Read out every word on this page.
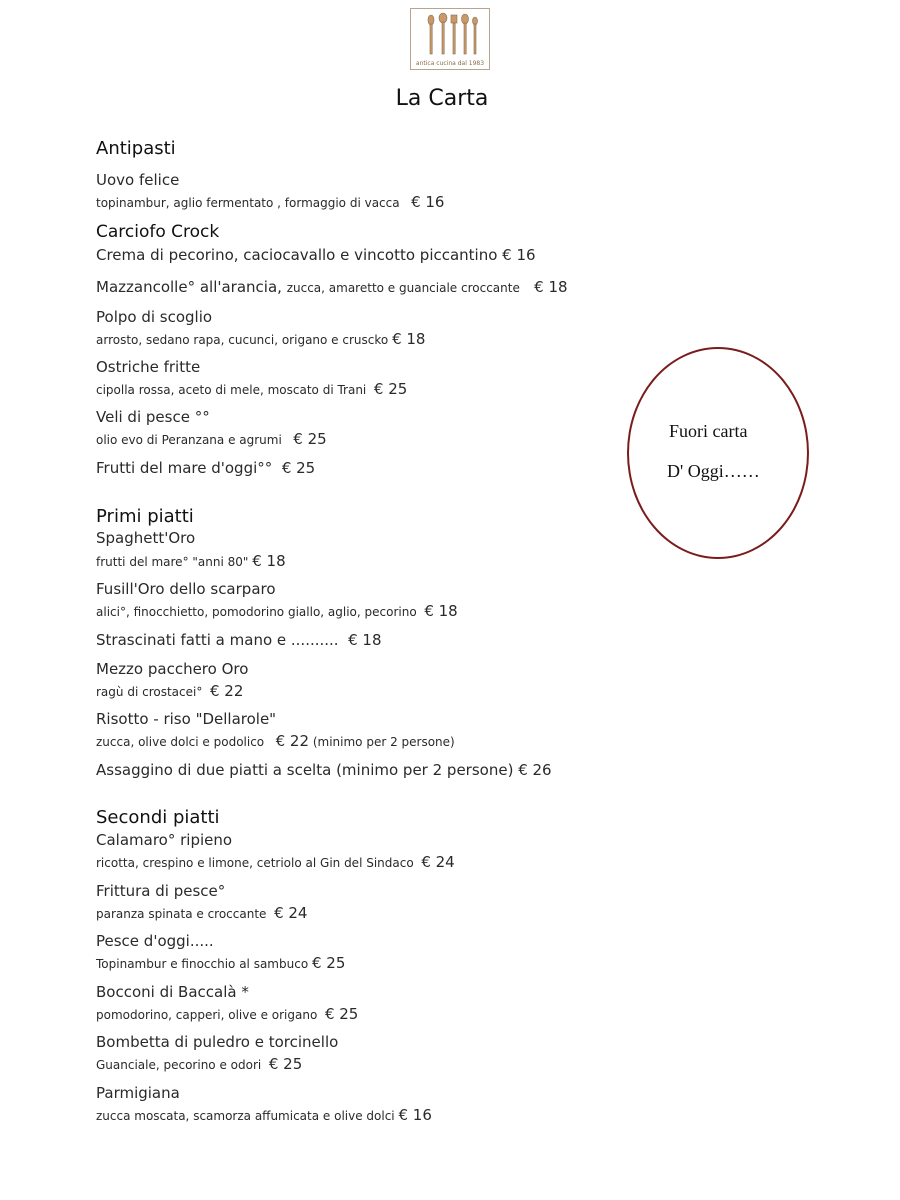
antica cucina dal 1983
La Carta
Antipasti
Uovo felice
topinambur, aglio fermentato , formaggio di vacca € 16
Carciofo Crock
Crema di pecorino, caciocavallo e vincotto piccantino € 16
Mazzancolle° all'arancia, zucca, amaretto e guanciale croccante € 18
Polpo di scoglio
arrosto, sedano rapa, cucunci, origano e cruscko € 18
Ostriche fritte
cipolla rossa, aceto di mele, moscato di Trani € 25
Veli di pesce °°
olio evo di Peranzana e agrumi € 25
Frutti del mare d'oggi°° € 25
Primi piatti
Spaghett'Oro
frutti del mare° "anni 80" € 18
Fusill'Oro dello scarparo
alici°, finocchietto, pomodorino giallo, aglio, pecorino € 18
Strascinati fatti a mano e .......... € 18
Mezzo pacchero Oro
ragù di crostacei° € 22
Risotto - riso "Dellarole"
zucca, olive dolci e podolico € 22 (minimo per 2 persone)
Assaggino di due piatti a scelta (minimo per 2 persone) € 26
Secondi piatti
Calamaro° ripieno
ricotta, crespino e limone, cetriolo al Gin del Sindaco € 24
Frittura di pesce°
paranza spinata e croccante € 24
Pesce d'oggi.....
Topinambur e finocchio al sambuco € 25
Bocconi di Baccalà *
pomodorino, capperi, olive e origano € 25
Bombetta di puledro e torcinello
Guanciale, pecorino e odori € 25
Parmigiana
zucca moscata, scamorza affumicata e olive dolci € 16
Fuori carta
D' Oggi……
